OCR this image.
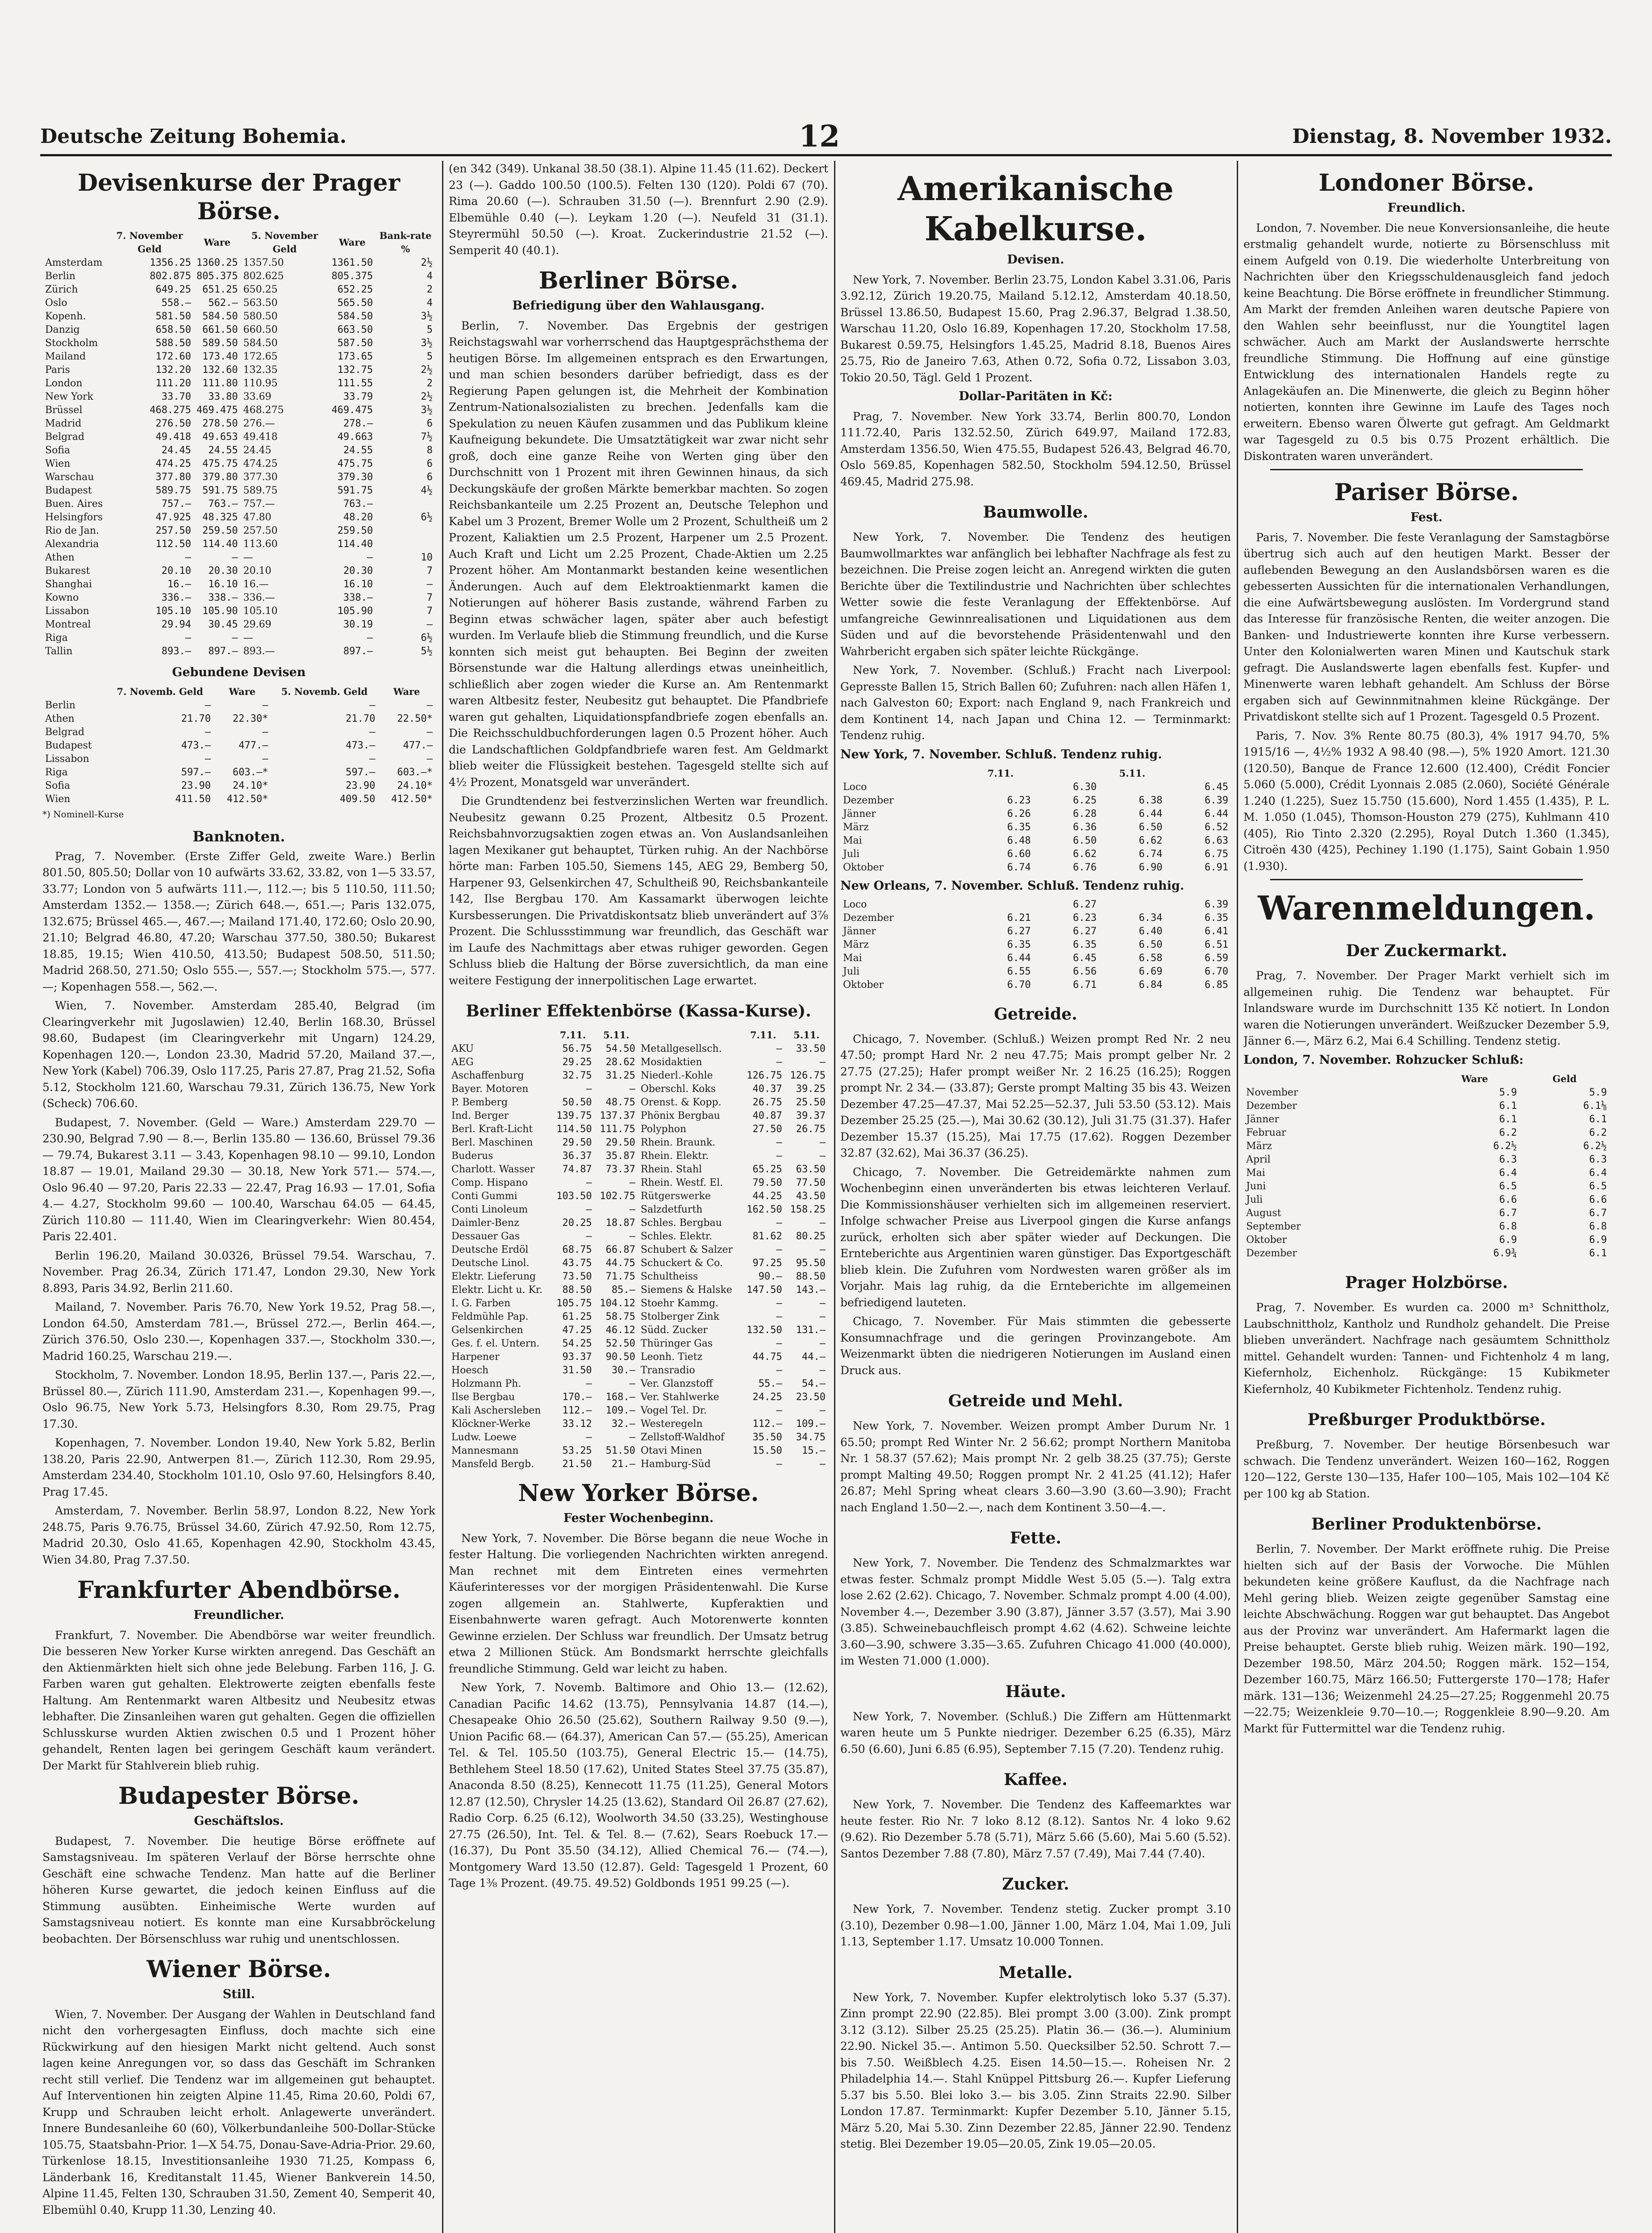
Deutsche Zeitung Bohemia.	12	Dienstag, 8. November 1932.
Devisenkurse der Prager Börse.
	7. November Geld	Ware	5. November Geld	Ware	Bank-rate %
Amsterdam	1356.25	1360.25	1357.50	1361.50	2½
Berlin	802.875	805.375	802.625	805.375	4
Zürich	649.25	651.25	650.25	652.25	2
Oslo	558.—	562.—	563.50	565.50	4
Kopenh.	581.50	584.50	580.50	584.50	3½
Danzig	658.50	661.50	660.50	663.50	5
Stockholm	588.50	589.50	584.50	587.50	3½
Mailand	172.60	173.40	172.65	173.65	5
Paris	132.20	132.60	132.35	132.75	2½
London	111.20	111.80	110.95	111.55	2
New York	33.70	33.80	33.69	33.79	2½
Brüssel	468.275	469.475	468.275	469.475	3½
Madrid	276.50	278.50	276.—	278.—	6
Belgrad	49.418	49.653	49.418	49.663	7½
Sofia	24.45	24.55	24.45	24.55	8
Wien	474.25	475.75	474.25	475.75	6
Warschau	377.80	379.80	377.30	379.30	6
Budapest	589.75	591.75	589.75	591.75	4½
Buen. Aires	757.—	763.—	757.—	763.—	
Helsingfors	47.925	48.325	47.80	48.20	6½
Rio de Jan.	257.50	259.50	257.50	259.50	
Alexandria	112.50	114.40	113.60	114.40	
Athen	—	—	—	—	10
Bukarest	20.10	20.30	20.10	20.30	7
Shanghai	16.—	16.10	16.—	16.10	—
Kowno	336.—	338.—	336.—	338.—	7
Lissabon	105.10	105.90	105.10	105.90	7
Montreal	29.94	30.45	29.69	30.19	—
Riga	—	—	—	—	6½
Tallin	893.—	897.—	893.—	897.—	5½
Gebundene Devisen
	7. Novemb. Geld	Ware	5. Novemb. Geld	Ware
Berlin	—	—	—	—
Athen	21.70	22.30*	21.70	22.50*
Belgrad	—	—	—	—
Budapest	473.—	477.—	473.—	477.—
Lissabon	—	—	—	—
Riga	597.—	603.—*	597.—	603.—*
Sofia	23.90	24.10*	23.90	24.10*
Wien	411.50	412.50*	409.50	412.50*
*) Nominell-Kurse
Banknoten.

Prag, 7. November. (Erste Ziffer Geld, zweite Ware.) Berlin 801.50, 805.50; Dollar von 10 aufwärts 33.62, 33.82, von 1—5 33.57, 33.77; London von 5 aufwärts 111.—, 112.—; bis 5 110.50, 111.50; Amsterdam 1352.— 1358.—; Zürich 648.—, 651.—; Paris 132.075, 132.675; Brüssel 465.—, 467.—; Mailand 171.40, 172.60; Oslo 20.90, 21.10; Belgrad 46.80, 47.20; Warschau 377.50, 380.50; Bukarest 18.85, 19.15; Wien 410.50, 413.50; Budapest 508.50, 511.50; Madrid 268.50, 271.50; Oslo 555.—, 557.—; Stockholm 575.—, 577.—; Kopenhagen 558.—, 562.—.

Wien, 7. November. Amsterdam 285.40, Belgrad (im Clearingverkehr mit Jugoslawien) 12.40, Berlin 168.30, Brüssel 98.60, Budapest (im Clearingverkehr mit Ungarn) 124.29, Kopenhagen 120.—, London 23.30, Madrid 57.20, Mailand 37.—, New York (Kabel) 706.39, Oslo 117.25, Paris 27.87, Prag 21.52, Sofia 5.12, Stockholm 121.60, Warschau 79.31, Zürich 136.75, New York (Scheck) 706.60.

Budapest, 7. November. (Geld — Ware.) Amsterdam 229.70 — 230.90, Belgrad 7.90 — 8.—, Berlin 135.80 — 136.60, Brüssel 79.36 — 79.74, Bukarest 3.11 — 3.43, Kopenhagen 98.10 — 99.10, London 18.87 — 19.01, Mailand 29.30 — 30.18, New York 571.— 574.—, Oslo 96.40 — 97.20, Paris 22.33 — 22.47, Prag 16.93 — 17.01, Sofia 4.— 4.27, Stockholm 99.60 — 100.40, Warschau 64.05 — 64.45, Zürich 110.80 — 111.40, Wien im Clearingverkehr: Wien 80.454, Paris 22.401.

Berlin 196.20, Mailand 30.0326, Brüssel 79.54. Warschau, 7. November. Prag 26.34, Zürich 171.47, London 29.30, New York 8.893, Paris 34.92, Berlin 211.60.

Mailand, 7. November. Paris 76.70, New York 19.52, Prag 58.—, London 64.50, Amsterdam 781.—, Brüssel 272.—, Berlin 464.—, Zürich 376.50, Oslo 230.—, Kopenhagen 337.—, Stockholm 330.—, Madrid 160.25, Warschau 219.—.

Stockholm, 7. November. London 18.95, Berlin 137.—, Paris 22.—, Brüssel 80.—, Zürich 111.90, Amsterdam 231.—, Kopenhagen 99.—, Oslo 96.75, New York 5.73, Helsingfors 8.30, Rom 29.75, Prag 17.30.

Kopenhagen, 7. November. London 19.40, New York 5.82, Berlin 138.20, Paris 22.90, Antwerpen 81.—, Zürich 112.30, Rom 29.95, Amsterdam 234.40, Stockholm 101.10, Oslo 97.60, Helsingfors 8.40, Prag 17.45.

Amsterdam, 7. November. Berlin 58.97, London 8.22, New York 248.75, Paris 9.76.75, Brüssel 34.60, Zürich 47.92.50, Rom 12.75, Madrid 20.30, Oslo 41.65, Kopenhagen 42.90, Stockholm 43.45, Wien 34.80, Prag 7.37.50.

Frankfurter Abendbörse.
Freundlicher.

Frankfurt, 7. November. Die Abendbörse war weiter freundlich. Die besseren New Yorker Kurse wirkten anregend. Das Geschäft an den Aktienmärkten hielt sich ohne jede Belebung. Farben 116, J. G. Farben waren gut gehalten. Elektrowerte zeigten ebenfalls feste Haltung. Am Rentenmarkt waren Altbesitz und Neubesitz etwas lebhafter. Die Zinsanleihen waren gut gehalten. Gegen die offiziellen Schlusskurse wurden Aktien zwischen 0.5 und 1 Prozent höher gehandelt, Renten lagen bei geringem Geschäft kaum verändert. Der Markt für Stahlverein blieb ruhig.

Budapester Börse.
Geschäftslos.

Budapest, 7. November. Die heutige Börse eröffnete auf Samstagsniveau. Im späteren Verlauf der Börse herrschte ohne Geschäft eine schwache Tendenz. Man hatte auf die Berliner höheren Kurse gewartet, die jedoch keinen Einfluss auf die Stimmung ausübten. Einheimische Werte wurden auf Samstagsniveau notiert. Es konnte man eine Kursabbröckelung beobachten. Der Börsenschluss war ruhig und unentschlossen.

Wiener Börse.
Still.

Wien, 7. November. Der Ausgang der Wahlen in Deutschland fand nicht den vorhergesagten Einfluss, doch machte sich eine Rückwirkung auf den hiesigen Markt nicht geltend. Auch sonst lagen keine Anregungen vor, so dass das Geschäft im Schranken recht still verlief. Die Tendenz war im allgemeinen gut behauptet. Auf Interventionen hin zeigten Alpine 11.45, Rima 20.60, Poldi 67, Krupp und Schrauben leicht erholt. Anlagewerte unverändert. Innere Bundesanleihe 60 (60), Völkerbundanleihe 500-Dollar-Stücke 105.75, Staatsbahn-Prior. 1—X 54.75, Donau-Save-Adria-Prior. 29.60, Türkenlose 18.15, Investitionsanleihe 1930 71.25, Kompass 6, Länderbank 16, Kreditanstalt 11.45, Wiener Bankverein 14.50, Alpine 11.45, Felten 130, Schrauben 31.50, Zement 40, Semperit 40, Elbemühl 0.40, Krupp 11.30, Lenzing 40.

(en 342 (349). Unkanal 38.50 (38.1). Alpine 11.45 (11.62). Deckert 23 (—). Gaddo 100.50 (100.5). Felten 130 (120). Poldi 67 (70). Rima 20.60 (—). Schrauben 31.50 (—). Brennfurt 2.90 (2.9). Elbemühle 0.40 (—). Leykam 1.20 (—). Neufeld 31 (31.1). Steyrermühl 50.50 (—). Kroat. Zuckerindustrie 21.52 (—). Semperit 40 (40.1).

Berliner Börse.
Befriedigung über den Wahlausgang.

Berlin, 7. November. Das Ergebnis der gestrigen Reichstagswahl war vorherrschend das Hauptgesprächsthema der heutigen Börse. Im allgemeinen entsprach es den Erwartungen, und man schien besonders darüber befriedigt, dass es der Regierung Papen gelungen ist, die Mehrheit der Kombination Zentrum-Nationalsozialisten zu brechen. Jedenfalls kam die Spekulation zu neuen Käufen zusammen und das Publikum kleine Kaufneigung bekundete. Die Umsatztätigkeit war zwar nicht sehr groß, doch eine ganze Reihe von Werten ging über den Durchschnitt von 1 Prozent mit ihren Gewinnen hinaus, da sich Deckungskäufe der großen Märkte bemerkbar machten. So zogen Reichsbankanteile um 2.25 Prozent an, Deutsche Telephon und Kabel um 3 Prozent, Bremer Wolle um 2 Prozent, Schultheiß um 2 Prozent, Kaliaktien um 2.5 Prozent, Harpener um 2.5 Prozent. Auch Kraft und Licht um 2.25 Prozent, Chade-Aktien um 2.25 Prozent höher. Am Montanmarkt bestanden keine wesentlichen Änderungen. Auch auf dem Elektroaktienmarkt kamen die Notierungen auf höherer Basis zustande, während Farben zu Beginn etwas schwächer lagen, später aber auch befestigt wurden. Im Verlaufe blieb die Stimmung freundlich, und die Kurse konnten sich meist gut behaupten. Bei Beginn der zweiten Börsenstunde war die Haltung allerdings etwas uneinheitlich, schließlich aber zogen wieder die Kurse an. Am Rentenmarkt waren Altbesitz fester, Neubesitz gut behauptet. Die Pfandbriefe waren gut gehalten, Liquidationspfandbriefe zogen ebenfalls an. Die Reichsschuldbuchforderungen lagen 0.5 Prozent höher. Auch die Landschaftlichen Goldpfandbriefe waren fest. Am Geldmarkt blieb weiter die Flüssigkeit bestehen. Tagesgeld stellte sich auf 4½ Prozent, Monatsgeld war unverändert.

Die Grundtendenz bei festverzinslichen Werten war freundlich. Neubesitz gewann 0.25 Prozent, Altbesitz 0.5 Prozent. Reichsbahnvorzugsaktien zogen etwas an. Von Auslandsanleihen lagen Mexikaner gut behauptet, Türken ruhig. An der Nachbörse hörte man: Farben 105.50, Siemens 145, AEG 29, Bemberg 50, Harpener 93, Gelsenkirchen 47, Schultheiß 90, Reichsbankanteile 142, Ilse Bergbau 170. Am Kassamarkt überwogen leichte Kursbesserungen. Die Privatdiskontsatz blieb unverändert auf 3⅞ Prozent. Die Schlussstimmung war freundlich, das Geschäft war im Laufe des Nachmittags aber etwas ruhiger geworden. Gegen Schluss blieb die Haltung der Börse zuversichtlich, da man eine weitere Festigung der innerpolitischen Lage erwartet.

Berliner Effektenbörse (Kassa-Kurse).
	7.11.	5.11.		7.11.	5.11.
AKU	56.75	54.50	Metallgesellsch.	—	33.50
AEG	29.25	28.62	Mosidaktien	—	—
Aschaffenburg	32.75	31.25	Niederl.-Kohle	126.75	126.75
Bayer. Motoren	—	—	Oberschl. Koks	40.37	39.25
P. Bemberg	50.50	48.75	Orenst. & Kopp.	26.75	25.50
Ind. Berger	139.75	137.37	Phönix Bergbau	40.87	39.37
Berl. Kraft-Licht	114.50	111.75	Polyphon	27.50	26.75
Berl. Maschinen	29.50	29.50	Rhein. Braunk.	—	—
Buderus	36.37	35.87	Rhein. Elektr.	—	—
Charlott. Wasser	74.87	73.37	Rhein. Stahl	65.25	63.50
Comp. Hispano	—	—	Rhein. Westf. El.	79.50	77.50
Conti Gummi	103.50	102.75	Rütgerswerke	44.25	43.50
Conti Linoleum	—	—	Salzdetfurth	162.50	158.25
Daimler-Benz	20.25	18.87	Schles. Bergbau	—	—
Dessauer Gas	—	—	Schles. Elektr.	81.62	80.25
Deutsche Erdöl	68.75	66.87	Schubert & Salzer	—	—
Deutsche Linol.	43.75	44.75	Schuckert & Co.	97.25	95.50
Elektr. Lieferung	73.50	71.75	Schultheiss	90.—	88.50
Elektr. Licht u. Kr.	88.50	85.—	Siemens & Halske	147.50	143.—
I. G. Farben	105.75	104.12	Stoehr Kammg.	—	—
Feldmühle Pap.	61.25	58.75	Stolberger Zink	—	—
Gelsenkirchen	47.25	46.12	Südd. Zucker	132.50	131.—
Ges. f. el. Untern.	54.25	52.50	Thüringer Gas	—	—
Harpener	93.37	90.50	Leonh. Tietz	44.75	44.—
Hoesch	31.50	30.—	Transradio	—	—
Holzmann Ph.	—	—	Ver. Glanzstoff	55.—	54.—
Ilse Bergbau	170.—	168.—	Ver. Stahlwerke	24.25	23.50
Kali Aschersleben	112.—	109.—	Vogel Tel. Dr.	—	—
Klöckner-Werke	33.12	32.—	Westeregeln	112.—	109.—
Ludw. Loewe	—	—	Zellstoff-Waldhof	35.50	34.75
Mannesmann	53.25	51.50	Otavi Minen	15.50	15.—
Mansfeld Bergb.	21.50	21.—	Hamburg-Süd	—	—
New Yorker Börse.
Fester Wochenbeginn.

New York, 7. November. Die Börse begann die neue Woche in fester Haltung. Die vorliegenden Nachrichten wirkten anregend. Man rechnet mit dem Eintreten eines vermehrten Käuferinteresses vor der morgigen Präsidentenwahl. Die Kurse zogen allgemein an. Stahlwerte, Kupferaktien und Eisenbahnwerte waren gefragt. Auch Motorenwerte konnten Gewinne erzielen. Der Schluss war freundlich. Der Umsatz betrug etwa 2 Millionen Stück. Am Bondsmarkt herrschte gleichfalls freundliche Stimmung. Geld war leicht zu haben.

New York, 7. Novemb. Baltimore and Ohio 13.— (12.62), Canadian Pacific 14.62 (13.75), Pennsylvania 14.87 (14.—), Chesapeake Ohio 26.50 (25.62), Southern Railway 9.50 (9.—), Union Pacific 68.— (64.37), American Can 57.— (55.25), American Tel. & Tel. 105.50 (103.75), General Electric 15.— (14.75), Bethlehem Steel 18.50 (17.62), United States Steel 37.75 (35.87), Anaconda 8.50 (8.25), Kennecott 11.75 (11.25), General Motors 12.87 (12.50), Chrysler 14.25 (13.62), Standard Oil 26.87 (27.62), Radio Corp. 6.25 (6.12), Woolworth 34.50 (33.25), Westinghouse 27.75 (26.50), Int. Tel. & Tel. 8.— (7.62), Sears Roebuck 17.— (16.37), Du Pont 35.50 (34.12), Allied Chemical 76.— (74.—), Montgomery Ward 13.50 (12.87). Geld: Tagesgeld 1 Prozent, 60 Tage 1⅜ Prozent. (49.75. 49.52) Goldbonds 1951 99.25 (—).

Amerikanische Kabelkurse.
Devisen.

New York, 7. November. Berlin 23.75, London Kabel 3.31.06, Paris 3.92.12, Zürich 19.20.75, Mailand 5.12.12, Amsterdam 40.18.50, Brüssel 13.86.50, Budapest 15.60, Prag 2.96.37, Belgrad 1.38.50, Warschau 11.20, Oslo 16.89, Kopenhagen 17.20, Stockholm 17.58, Bukarest 0.59.75, Helsingfors 1.45.25, Madrid 8.18, Buenos Aires 25.75, Rio de Janeiro 7.63, Athen 0.72, Sofia 0.72, Lissabon 3.03, Tokio 20.50, Tägl. Geld 1 Prozent.

Dollar-Paritäten in Kč:

Prag, 7. November. New York 33.74, Berlin 800.70, London 111.72.40, Paris 132.52.50, Zürich 649.97, Mailand 172.83, Amsterdam 1356.50, Wien 475.55, Budapest 526.43, Belgrad 46.70, Oslo 569.85, Kopenhagen 582.50, Stockholm 594.12.50, Brüssel 469.45, Madrid 275.98.

Baumwolle.

New York, 7. November. Die Tendenz des heutigen Baumwollmarktes war anfänglich bei lebhafter Nachfrage als fest zu bezeichnen. Die Preise zogen leicht an. Anregend wirkten die guten Berichte über die Textilindustrie und Nachrichten über schlechtes Wetter sowie die feste Veranlagung der Effektenbörse. Auf umfangreiche Gewinnrealisationen und Liquidationen aus dem Süden und auf die bevorstehende Präsidentenwahl und den Wahrbericht ergaben sich später leichte Rückgänge.

New York, 7. November. (Schluß.) Fracht nach Liverpool: Gepresste Ballen 15, Strich Ballen 60; Zufuhren: nach allen Häfen 1, nach Galveston 60; Export: nach England 9, nach Frankreich und dem Kontinent 14, nach Japan und China 12. — Terminmarkt: Tendenz ruhig.

New York, 7. November. Schluß. Tendenz ruhig.
	7.11.		5.11.	
Loco		6.30		6.45
Dezember	6.23	6.25	6.38	6.39
Jänner	6.26	6.28	6.44	6.44
März	6.35	6.36	6.50	6.52
Mai	6.48	6.50	6.62	6.63
Juli	6.60	6.62	6.74	6.75
Oktober	6.74	6.76	6.90	6.91
New Orleans, 7. November. Schluß. Tendenz ruhig.
Loco		6.27		6.39
Dezember	6.21	6.23	6.34	6.35
Jänner	6.27	6.27	6.40	6.41
März	6.35	6.35	6.50	6.51
Mai	6.44	6.45	6.58	6.59
Juli	6.55	6.56	6.69	6.70
Oktober	6.70	6.71	6.84	6.85
Getreide.

Chicago, 7. November. (Schluß.) Weizen prompt Red Nr. 2 neu 47.50; prompt Hard Nr. 2 neu 47.75; Mais prompt gelber Nr. 2 27.75 (27.25); Hafer prompt weißer Nr. 2 16.25 (16.25); Roggen prompt Nr. 2 34.— (33.87); Gerste prompt Malting 35 bis 43. Weizen Dezember 47.25—47.37, Mai 52.25—52.37, Juli 53.50 (53.12). Mais Dezember 25.25 (25.—), Mai 30.62 (30.12), Juli 31.75 (31.37). Hafer Dezember 15.37 (15.25), Mai 17.75 (17.62). Roggen Dezember 32.87 (32.62), Mai 36.37 (36.25).

Chicago, 7. November. Die Getreidemärkte nahmen zum Wochenbeginn einen unveränderten bis etwas leichteren Verlauf. Die Kommissionshäuser verhielten sich im allgemeinen reserviert. Infolge schwacher Preise aus Liverpool gingen die Kurse anfangs zurück, erholten sich aber später wieder auf Deckungen. Die Ernteberichte aus Argentinien waren günstiger. Das Exportgeschäft blieb klein. Die Zufuhren vom Nordwesten waren größer als im Vorjahr. Mais lag ruhig, da die Ernteberichte im allgemeinen befriedigend lauteten.

Chicago, 7. November. Für Mais stimmten die gebesserte Konsumnachfrage und die geringen Provinzangebote. Am Weizenmarkt übten die niedrigeren Notierungen im Ausland einen Druck aus.

Getreide und Mehl.

New York, 7. November. Weizen prompt Amber Durum Nr. 1 65.50; prompt Red Winter Nr. 2 56.62; prompt Northern Manitoba Nr. 1 58.37 (57.62); Mais prompt Nr. 2 gelb 38.25 (37.75); Gerste prompt Malting 49.50; Roggen prompt Nr. 2 41.25 (41.12); Hafer 26.87; Mehl Spring wheat clears 3.60—3.90 (3.60—3.90); Fracht nach England 1.50—2.—, nach dem Kontinent 3.50—4.—.

Fette.

New York, 7. November. Die Tendenz des Schmalzmarktes war etwas fester. Schmalz prompt Middle West 5.05 (5.—). Talg extra lose 2.62 (2.62). Chicago, 7. November. Schmalz prompt 4.00 (4.00), November 4.—, Dezember 3.90 (3.87), Jänner 3.57 (3.57), Mai 3.90 (3.85). Schweinebauchfleisch prompt 4.62 (4.62). Schweine leichte 3.60—3.90, schwere 3.35—3.65. Zufuhren Chicago 41.000 (40.000), im Westen 71.000 (1.000).

Häute.

New York, 7. November. (Schluß.) Die Ziffern am Hüttenmarkt waren heute um 5 Punkte niedriger. Dezember 6.25 (6.35), März 6.50 (6.60), Juni 6.85 (6.95), September 7.15 (7.20). Tendenz ruhig.

Kaffee.

New York, 7. November. Die Tendenz des Kaffeemarktes war heute fester. Rio Nr. 7 loko 8.12 (8.12). Santos Nr. 4 loko 9.62 (9.62). Rio Dezember 5.78 (5.71), März 5.66 (5.60), Mai 5.60 (5.52). Santos Dezember 7.88 (7.80), März 7.57 (7.49), Mai 7.44 (7.40).

Zucker.

New York, 7. November. Tendenz stetig. Zucker prompt 3.10 (3.10), Dezember 0.98—1.00, Jänner 1.00, März 1.04, Mai 1.09, Juli 1.13, September 1.17. Umsatz 10.000 Tonnen.

Metalle.

New York, 7. November. Kupfer elektrolytisch loko 5.37 (5.37). Zinn prompt 22.90 (22.85). Blei prompt 3.00 (3.00). Zink prompt 3.12 (3.12). Silber 25.25 (25.25). Platin 36.— (36.—). Aluminium 22.90. Nickel 35.—. Antimon 5.50. Quecksilber 52.50. Schrott 7.— bis 7.50. Weißblech 4.25. Eisen 14.50—15.—. Roheisen Nr. 2 Philadelphia 14.—. Stahl Knüppel Pittsburg 26.—. Kupfer Lieferung 5.37 bis 5.50. Blei loko 3.— bis 3.05. Zinn Straits 22.90. Silber London 17.87. Terminmarkt: Kupfer Dezember 5.10, Jänner 5.15, März 5.20, Mai 5.30. Zinn Dezember 22.85, Jänner 22.90. Tendenz stetig. Blei Dezember 19.05—20.05, Zink 19.05—20.05.

Londoner Börse.
Freundlich.

London, 7. November. Die neue Konversionsanleihe, die heute erstmalig gehandelt wurde, notierte zu Börsenschluss mit einem Aufgeld von 0.19. Die wiederholte Unterbreitung von Nachrichten über den Kriegsschuldenausgleich fand jedoch keine Beachtung. Die Börse eröffnete in freundlicher Stimmung. Am Markt der fremden Anleihen waren deutsche Papiere von den Wahlen sehr beeinflusst, nur die Youngtitel lagen schwächer. Auch am Markt der Auslandswerte herrschte freundliche Stimmung. Die Hoffnung auf eine günstige Entwicklung des internationalen Handels regte zu Anlagekäufen an. Die Minenwerte, die gleich zu Beginn höher notierten, konnten ihre Gewinne im Laufe des Tages noch erweitern. Ebenso waren Ölwerte gut gefragt. Am Geldmarkt war Tagesgeld zu 0.5 bis 0.75 Prozent erhältlich. Die Diskontraten waren unverändert.

Pariser Börse.
Fest.

Paris, 7. November. Die feste Veranlagung der Samstagbörse übertrug sich auch auf den heutigen Markt. Besser der auflebenden Bewegung an den Auslandsbörsen waren es die gebesserten Aussichten für die internationalen Verhandlungen, die eine Aufwärtsbewegung auslösten. Im Vordergrund stand das Interesse für französische Renten, die weiter anzogen. Die Banken- und Industriewerte konnten ihre Kurse verbessern. Unter den Kolonialwerten waren Minen und Kautschuk stark gefragt. Die Auslandswerte lagen ebenfalls fest. Kupfer- und Minenwerte waren lebhaft gehandelt. Am Schluss der Börse ergaben sich auf Gewinnmitnahmen kleine Rückgänge. Der Privatdiskont stellte sich auf 1 Prozent. Tagesgeld 0.5 Prozent.

Paris, 7. Nov. 3% Rente 80.75 (80.3), 4% 1917 94.70, 5% 1915/16 —, 4½% 1932 A 98.40 (98.—), 5% 1920 Amort. 121.30 (120.50), Banque de France 12.600 (12.400), Crédit Foncier 5.060 (5.000), Crédit Lyonnais 2.085 (2.060), Société Générale 1.240 (1.225), Suez 15.750 (15.600), Nord 1.455 (1.435), P. L. M. 1.050 (1.045), Thomson-Houston 279 (275), Kuhlmann 410 (405), Rio Tinto 2.320 (2.295), Royal Dutch 1.360 (1.345), Citroën 430 (425), Pechiney 1.190 (1.175), Saint Gobain 1.950 (1.930).

Warenmeldungen.
Der Zuckermarkt.

Prag, 7. November. Der Prager Markt verhielt sich im allgemeinen ruhig. Die Tendenz war behauptet. Für Inlandsware wurde im Durchschnitt 135 Kč notiert. In London waren die Notierungen unverändert. Weißzucker Dezember 5.9, Jänner 6.—, März 6.2, Mai 6.4 Schilling. Tendenz stetig.

London, 7. November. Rohzucker Schluß:
	Ware	Geld
November	5.9	5.9
Dezember	6.1	6.1⅛
Jänner	6.1	6.1
Februar	6.2	6.2
März	6.2½	6.2½
April	6.3	6.3
Mai	6.4	6.4
Juni	6.5	6.5
Juli	6.6	6.6
August	6.7	6.7
September	6.8	6.8
Oktober	6.9	6.9
Dezember	6.9¾	6.1
Prager Holzbörse.

Prag, 7. November. Es wurden ca. 2000 m³ Schnittholz, Laubschnittholz, Kantholz und Rundholz gehandelt. Die Preise blieben unverändert. Nachfrage nach gesäumtem Schnittholz mittel. Gehandelt wurden: Tannen- und Fichtenholz 4 m lang, Kiefernholz, Eichenholz. Rückgänge: 15 Kubikmeter Kiefernholz, 40 Kubikmeter Fichtenholz. Tendenz ruhig.

Preßburger Produktbörse.

Preßburg, 7. November. Der heutige Börsenbesuch war schwach. Die Tendenz unverändert. Weizen 160—162, Roggen 120—122, Gerste 130—135, Hafer 100—105, Mais 102—104 Kč per 100 kg ab Station.

Berliner Produktenbörse.

Berlin, 7. November. Der Markt eröffnete ruhig. Die Preise hielten sich auf der Basis der Vorwoche. Die Mühlen bekundeten keine größere Kauflust, da die Nachfrage nach Mehl gering blieb. Weizen zeigte gegenüber Samstag eine leichte Abschwächung. Roggen war gut behauptet. Das Angebot aus der Provinz war unverändert. Am Hafermarkt lagen die Preise behauptet. Gerste blieb ruhig. Weizen märk. 190—192, Dezember 198.50, März 204.50; Roggen märk. 152—154, Dezember 160.75, März 166.50; Futtergerste 170—178; Hafer märk. 131—136; Weizenmehl 24.25—27.25; Roggenmehl 20.75—22.75; Weizenkleie 9.70—10.—; Roggenkleie 8.90—9.20. Am Markt für Futtermittel war die Tendenz ruhig.
